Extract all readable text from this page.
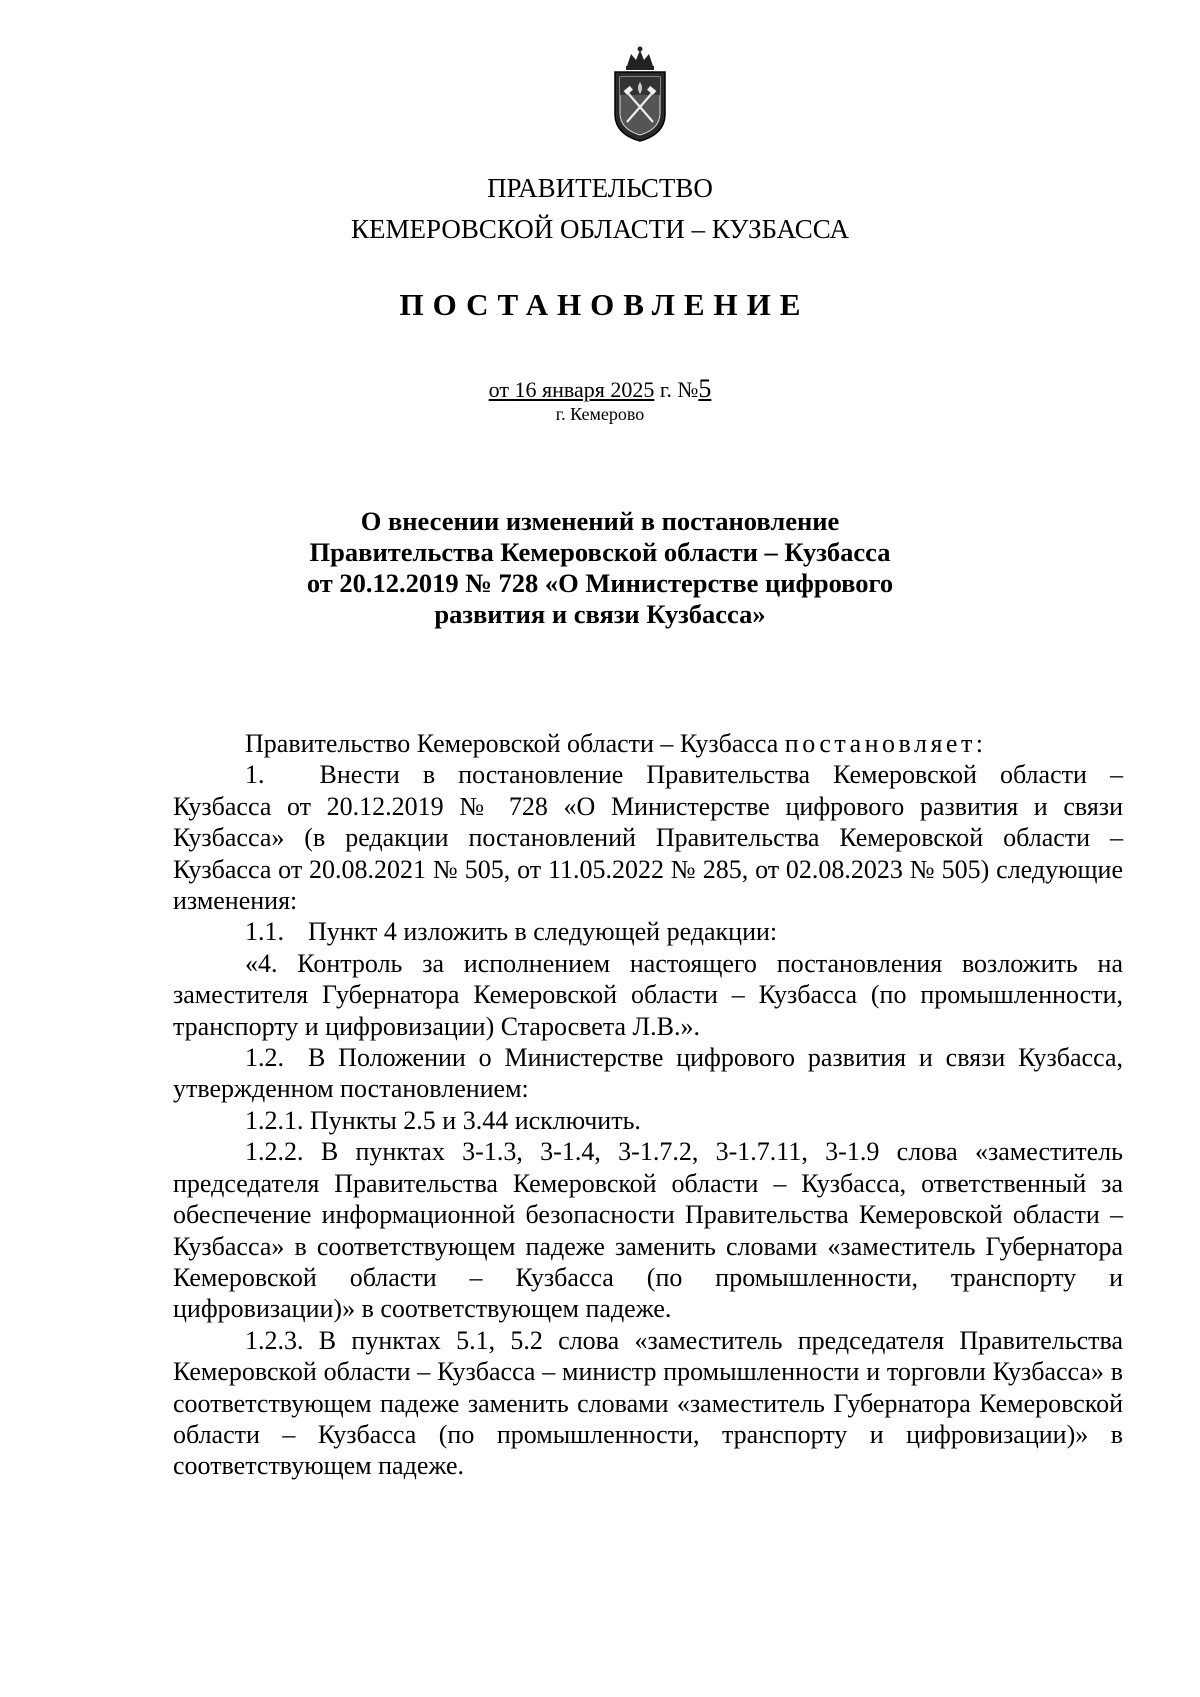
ПРАВИТЕЛЬСТВО
КЕМЕРОВСКОЙ ОБЛАСТИ – КУЗБАССА
ПОСТАНОВЛЕНИЕ
от 16 января 2025 г. №5
г. Кемерово
О внесении изменений в постановление
Правительства Кемеровской области – Кузбасса
от 20.12.2019 № 728 «О Министерстве цифрового
развития и связи Кузбасса»

Правительство Кемеровской области – Кузбасса постановляет:

1. Внести в постановление Правительства Кемеровской области – Кузбасса от 20.12.2019 № 728 «О Министерстве цифрового развития и связи Кузбасса» (в редакции постановлений Правительства Кемеровской области – Кузбасса от 20.08.2021 № 505, от 11.05.2022 № 285, от 02.08.2023 № 505) следующие изменения:

1.1. Пункт 4 изложить в следующей редакции:

«4. Контроль за исполнением настоящего постановления возложить на заместителя Губернатора Кемеровской области – Кузбасса (по промышленности, транспорту и цифровизации) Старосвета Л.В.».

1.2. В Положении о Министерстве цифрового развития и связи Кузбасса, утвержденном постановлением:

1.2.1. Пункты 2.5 и 3.44 исключить.

1.2.2. В пунктах 3-1.3, 3-1.4, 3-1.7.2, 3-1.7.11, 3-1.9 слова «заместитель председателя Правительства Кемеровской области – Кузбасса, ответственный за обеспечение информационной безопасности Правительства Кемеровской области – Кузбасса» в соответствующем падеже заменить словами «заместитель Губернатора Кемеровской области – Кузбасса (по промышленности, транспорту и цифровизации)» в соответствующем падеже.

1.2.3. В пунктах 5.1, 5.2 слова «заместитель председателя Правительства Кемеровской области – Кузбасса – министр промышленности и торговли Кузбасса» в соответствующем падеже заменить словами «заместитель Губернатора Кемеровской области – Кузбасса (по промышленности, транспорту и цифровизации)» в соответствующем падеже.
